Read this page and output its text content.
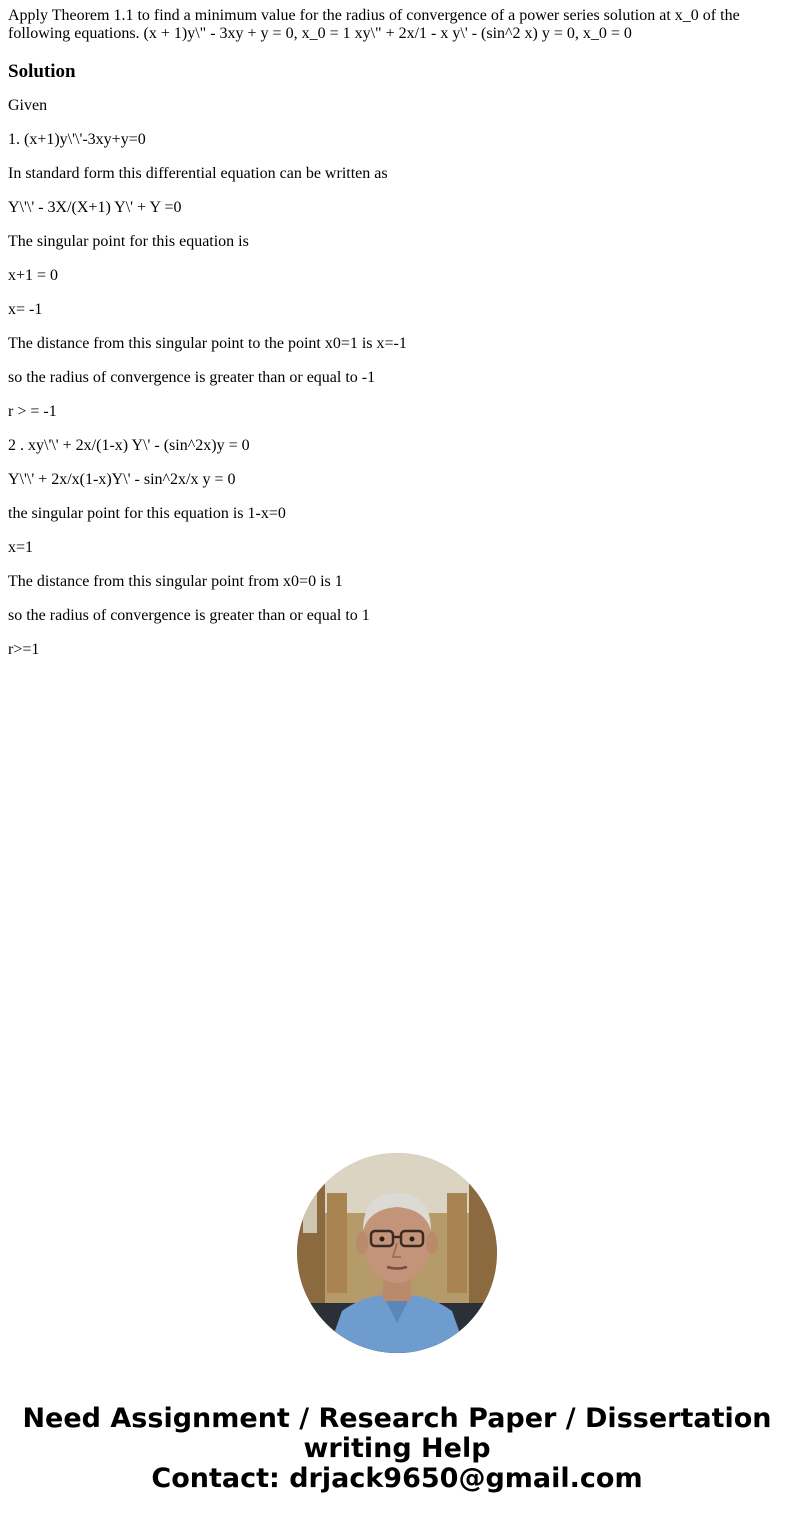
Apply Theorem 1.1 to find a minimum value for the radius of convergence of a power series solution at x_0 of the following equations. (x + 1)y\" - 3xy + y = 0, x_0 = 1 xy\" + 2x/1 - x y\' - (sin^2 x) y = 0, x_0 = 0

Solution

Given

1. (x+1)y\'\'-3xy+y=0

In standard form this differential equation can be written as

Y\'\' - 3X/(X+1) Y\' + Y =0

The singular point for this equation is

x+1 = 0

x= -1

The distance from this singular point to the point x0=1 is x=-1

so the radius of convergence is greater than or equal to -1

r > = -1

2 . xy\'\' + 2x/(1-x) Y\' - (sin^2x)y = 0

Y\'\' + 2x/x(1-x)Y\' - sin^2x/x y = 0

the singular point for this equation is 1-x=0

x=1

The distance from this singular point from x0=0 is 1

so the radius of convergence is greater than or equal to 1

r>=1

Need Assignment / Research Paper / Dissertation
writing Help
Contact: drjack9650@gmail.com
